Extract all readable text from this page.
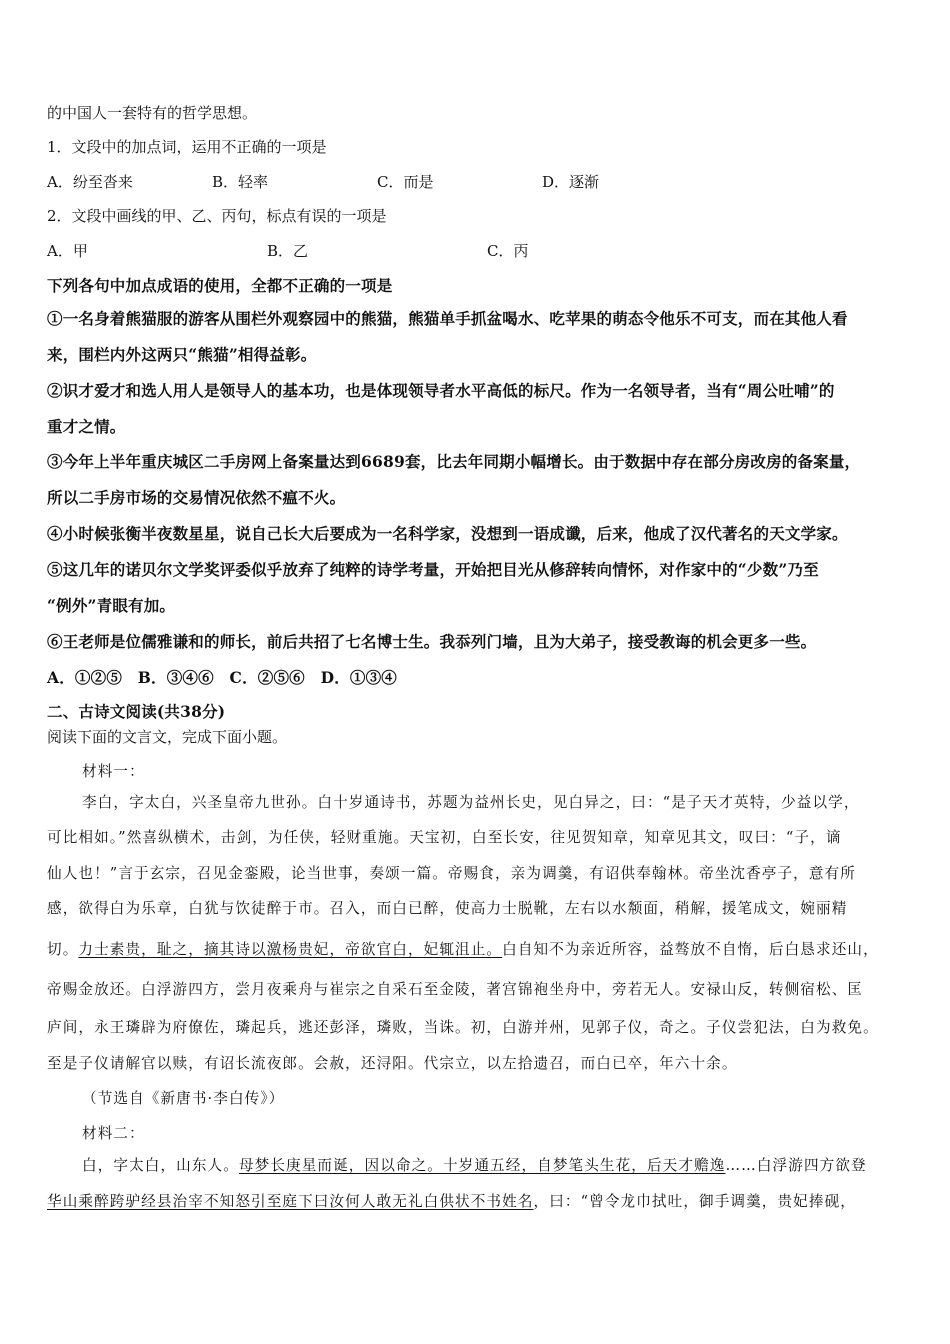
的中国人一套特有的哲学思想。
1．文段中的加点词，运用不正确的一项是
A．纷至沓来	B．轻率	C．而是	D．逐渐
2．文段中画线的甲、乙、丙句，标点有误的一项是
A．甲	B．乙	C．丙
下列各句中加点成语的使用，全都不正确的一项是
①一名身着熊猫服的游客从围栏外观察园中的熊猫，熊猫单手抓盆喝水、吃苹果的萌态令他乐不可支，而在其他人看
来，围栏内外这两只“熊猫”相得益彰。
②识才爱才和选人用人是领导人的基本功，也是体现领导者水平高低的标尺。作为一名领导者，当有“周公吐哺”的
重才之情。
③今年上半年重庆城区二手房网上备案量达到6689套，比去年同期小幅增长。由于数据中存在部分房改房的备案量，
所以二手房市场的交易情况依然不瘟不火。
④小时候张衡半夜数星星，说自己长大后要成为一名科学家，没想到一语成谶，后来，他成了汉代著名的天文学家。
⑤这几年的诺贝尔文学奖评委似乎放弃了纯粹的诗学考量，开始把目光从修辞转向情怀，对作家中的“少数”乃至
“例外”青眼有加。
⑥王老师是位儒雅谦和的师长，前后共招了七名博士生。我忝列门墙，且为大弟子，接受教诲的机会更多一些。
A．①②⑤　B．③④⑥　C．②⑤⑥　D．①③④
二、古诗文阅读(共38分)
阅读下面的文言文，完成下面小题。
材料一：
李白，字太白，兴圣皇帝九世孙。白十岁通诗书，苏题为益州长史，见白异之，曰：“是子天才英特，少益以学，
可比相如。”然喜纵横术，击剑，为任侠，轻财重施。天宝初，白至长安，往见贺知章，知章见其文，叹曰：“子，谪
仙人也！”言于玄宗，召见金銮殿，论当世事，奏颂一篇。帝赐食，亲为调羹，有诏供奉翰林。帝坐沈香亭子，意有所
感，欲得白为乐章，白犹与饮徒醉于市。召入，而白已醉，使高力士脱靴，左右以水颒面，稍解，援笔成文，婉丽精
切。力士素贵，耻之，摘其诗以激杨贵妃，帝欲官白，妃辄沮止。白自知不为亲近所容，益骜放不自惰，后白恳求还山，
帝赐金放还。白浮游四方，尝月夜乘舟与崔宗之自采石至金陵，著宫锦袍坐舟中，旁若无人。安禄山反，转侧宿松、匡
庐间，永王璘辟为府僚佐，璘起兵，逃还彭泽，璘败，当诛。初，白游并州，见郭子仪，奇之。子仪尝犯法，白为救免。
至是子仪请解官以赎，有诏长流夜郎。会赦，还浔阳。代宗立，以左拾遗召，而白已卒，年六十余。
（节选自《新唐书·李白传》）
材料二：
白，字太白，山东人。母梦长庚星而诞，因以命之。十岁通五经，自梦笔头生花，后天才赡逸……白浮游四方欲登
华山乘醉跨驴经县治宰不知怒引至庭下曰汝何人敢无礼白供状不书姓名，曰：“曾令龙巾拭吐，御手调羹，贵妃捧砚，
